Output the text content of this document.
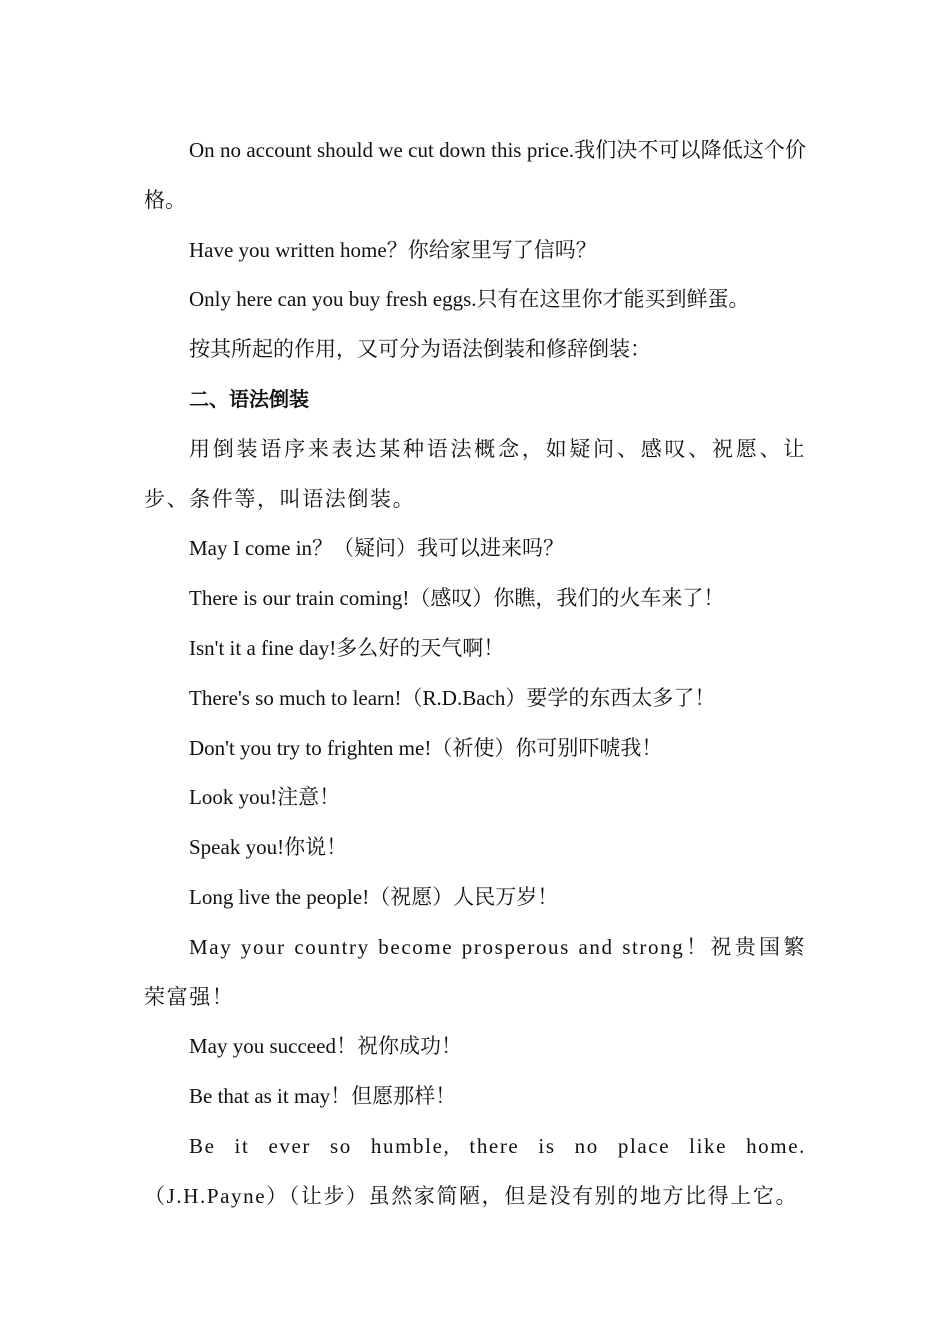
On no account should we cut down this price.我们决不可以降低这个价格。

Have you written home？你给家里写了信吗？

Only here can you buy fresh eggs.只有在这里你才能买到鲜蛋。

按其所起的作用，又可分为语法倒装和修辞倒装：

二、语法倒装

用倒装语序来表达某种语法概念，如疑问、感叹、祝愿、让步、条件等，叫语法倒装。

May I come in？（疑问）我可以进来吗？

There is our train coming!（感叹）你瞧，我们的火车来了！

Isn't it a fine day!多么好的天气啊！

There's so much to learn!（R.D.Bach）要学的东西太多了！

Don't you try to frighten me!（祈使）你可别吓唬我！

Look you!注意！

Speak you!你说！

Long live the people!（祝愿）人民万岁！

May your country become prosperous and strong！祝贵国繁荣富强！

May you succeed！祝你成功！

Be that as it may！但愿那样！

Be it ever so humble, there is no place like home.（J.H.Payne）（让步）虽然家简陋，但是没有别的地方比得上它。
